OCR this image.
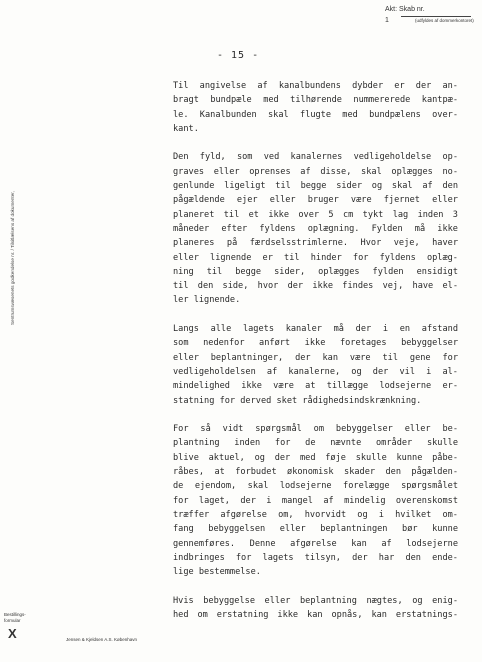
Akt: Skab nr.
1	(udfyldes af dommerkontoret)
Sentrumsvæsenets godkendelse nr. / Tilsitlælsens af dokumenter,
- 15 -
Til angivelse af kanalbundens dybder er der an-
bragt bundpæle med tilhørende nummererede kantpæ-
le. Kanalbunden skal flugte med bundpælens over-
kant.
Den fyld, som ved kanalernes vedligeholdelse op-
graves eller oprenses af disse, skal oplægges no-
genlunde ligeligt til begge sider og skal af den
pågældende ejer eller bruger være fjernet eller
planeret til et ikke over 5 cm tykt lag inden 3
måneder efter fyldens oplægning. Fylden må ikke
planeres på færdselsstrimlerne. Hvor veje, haver
eller lignende er til hinder for fyldens oplæg-
ning til begge sider, oplægges fylden ensidigt
til den side, hvor der ikke findes vej, have el-
ler lignende.
Langs alle lagets kanaler må der i en afstand
som nedenfor anført ikke foretages bebyggelser
eller beplantninger, der kan være til gene for
vedligeholdelsen af kanalerne, og der vil i al-
mindelighed ikke være at tillægge lodsejerne er-
statning for derved sket rådighedsindskrænkning.
For så vidt spørgsmål om bebyggelser eller be-
plantning inden for de nævnte områder skulle
blive aktuel, og der med føje skulle kunne påbe-
råbes, at forbudet økonomisk skader den pågælden-
de ejendom, skal lodsejerne forelægge spørgsmålet
for laget, der i mangel af mindelig overenskomst
træffer afgørelse om, hvorvidt og i hvilket om-
fang bebyggelsen eller beplantningen bør kunne
gennemføres. Denne afgørelse kan af lodsejerne
indbringes for lagets tilsyn, der har den ende-
lige bestemmelse.
Hvis bebyggelse eller beplantning nægtes, og enig-
hed om erstatning ikke kan opnås, kan erstatnings-
Bestillings-
formular
X	Jensen & Kjeldsen A.S. København
